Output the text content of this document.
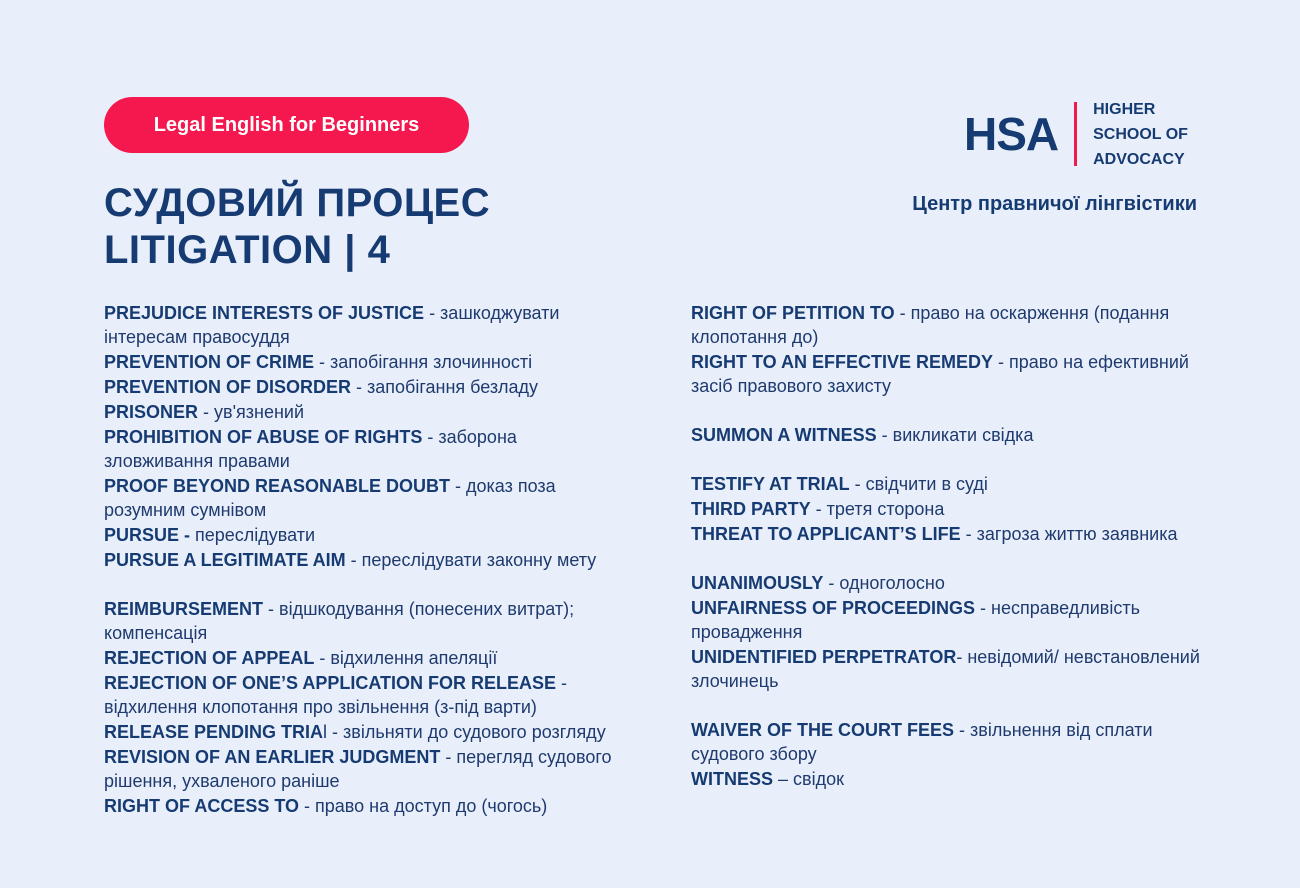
Legal English for Beginners
СУДОВИЙ ПРОЦЕС
LITIGATION | 4
HSA HIGHER
SCHOOL OF
ADVOCACY
Центр правничої лінгвістики
PREJUDICE INTERESTS OF JUSTICE - зашкоджувати інтересам правосуддя
PREVENTION OF CRIME - запобігання злочинності
PREVENTION OF DISORDER - запобігання безладу
PRISONER - ув'язнений
PROHIBITION OF ABUSE OF RIGHTS - заборона зловживання правами
PROOF BEYOND REASONABLE DOUBT - доказ поза розумним сумнівом
PURSUE - переслідувати
PURSUE A LEGITIMATE AIM - переслідувати законну мету
REIMBURSEMENT - відшкодування (понесених витрат); компенсація
REJECTION OF APPEAL - відхилення апеляції
REJECTION OF ONE’S APPLICATION FOR RELEASE - відхилення клопотання про звільнення (з-під варти)
RELEASE PENDING TRIAl - звільняти до судового розгляду
REVISION OF AN EARLIER JUDGMENT - перегляд судового рішення, ухваленого раніше
RIGHT OF ACCESS TO - право на доступ до (чогось)
RIGHT OF PETITION TO - право на оскарження (подання клопотання до)
RIGHT TO AN EFFECTIVE REMEDY - право на ефективний засіб правового захисту
SUMMON A WITNESS - викликати свідка
TESTIFY AT TRIAL - свідчити в суді
THIRD PARTY - третя сторона
THREAT TO APPLICANT’S LIFE - загроза життю заявника
UNANIMOUSLY - одноголосно
UNFAIRNESS OF PROCEEDINGS - несправедливість провадження
UNIDENTIFIED PERPETRATOR- невідомий/ невстановлений злочинець
WAIVER OF THE COURT FEES - звільнення від сплати судового збору
WITNESS – свідок
